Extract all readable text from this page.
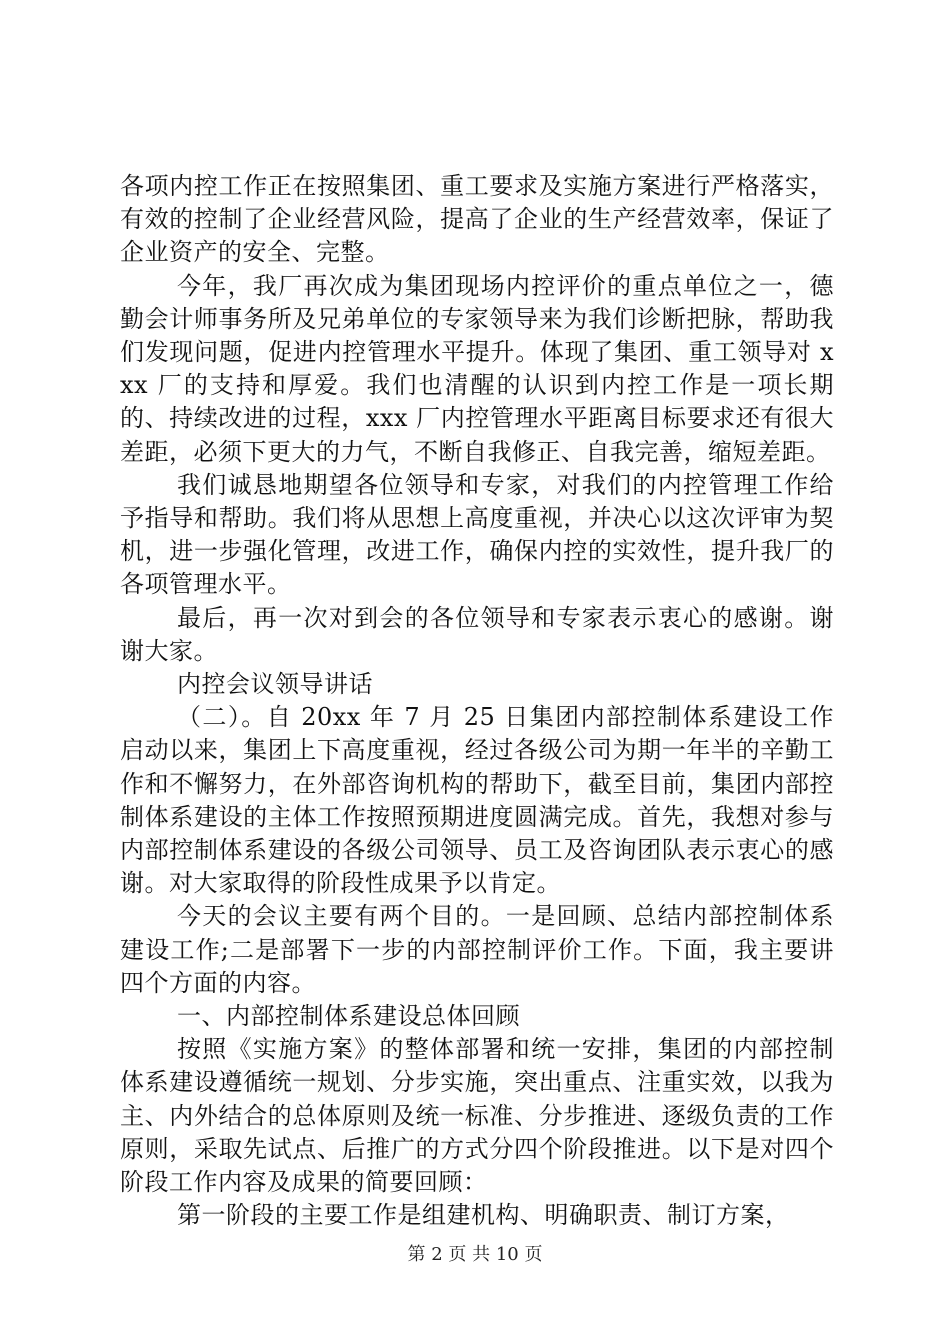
各项内控工作正在按照集团、重工要求及实施方案进行严格落实，有效的控制了企业经营风险，提高了企业的生产经营效率，保证了企业资产的安全、完整。

今年，我厂再次成为集团现场内控评价的重点单位之一，德勤会计师事务所及兄弟单位的专家领导来为我们诊断把脉，帮助我们发现问题，促进内控管理水平提升。体现了集团、重工领导对 xxx 厂的支持和厚爱。我们也清醒的认识到内控工作是一项长期的、持续改进的过程，xxx 厂内控管理水平距离目标要求还有很大差距，必须下更大的力气，不断自我修正、自我完善，缩短差距。

我们诚恳地期望各位领导和专家，对我们的内控管理工作给予指导和帮助。我们将从思想上高度重视，并决心以这次评审为契机，进一步强化管理，改进工作，确保内控的实效性，提升我厂的各项管理水平。

最后，再一次对到会的各位领导和专家表示衷心的感谢。谢谢大家。

内控会议领导讲话

（二）。自 20xx 年 7 月 25 日集团内部控制体系建设工作启动以来，集团上下高度重视，经过各级公司为期一年半的辛勤工作和不懈努力，在外部咨询机构的帮助下，截至目前，集团内部控制体系建设的主体工作按照预期进度圆满完成。首先，我想对参与内部控制体系建设的各级公司领导、员工及咨询团队表示衷心的感谢。对大家取得的阶段性成果予以肯定。

今天的会议主要有两个目的。一是回顾、总结内部控制体系建设工作;二是部署下一步的内部控制评价工作。下面，我主要讲四个方面的内容。

一、内部控制体系建设总体回顾

按照《实施方案》的整体部署和统一安排，集团的内部控制体系建设遵循统一规划、分步实施，突出重点、注重实效，以我为主、内外结合的总体原则及统一标准、分步推进、逐级负责的工作原则，采取先试点、后推广的方式分四个阶段推进。以下是对四个阶段工作内容及成果的简要回顾：

第一阶段的主要工作是组建机构、明确职责、制订方案，

第 2 页 共 10 页
